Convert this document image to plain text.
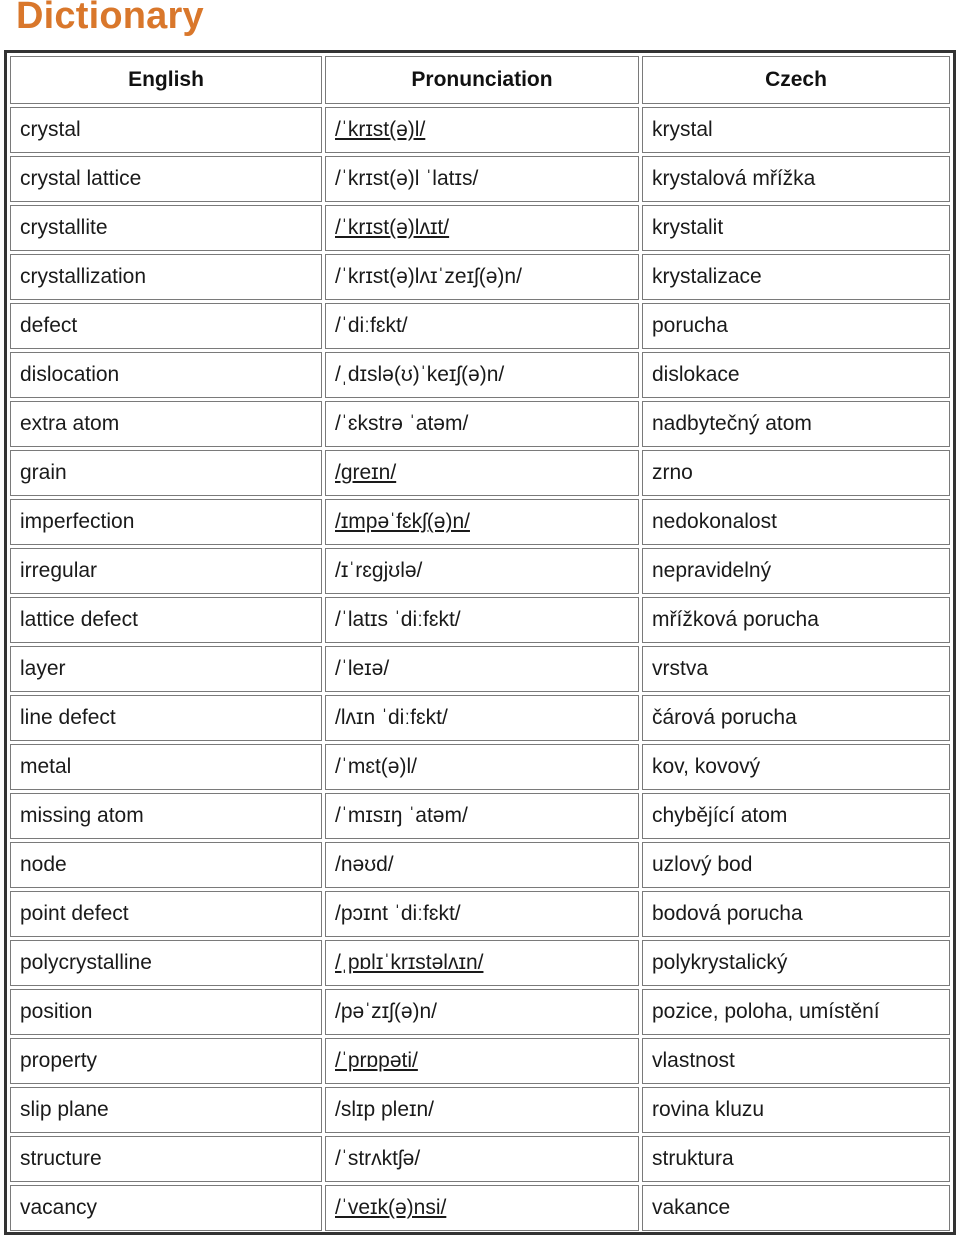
Dictionary
English	Pronunciation	Czech
crystal	/ˈkrɪst(ə)l/	krystal
crystal lattice	/ˈkrɪst(ə)l ˈlatɪs/	krystalová mřížka
crystallite	/ˈkrɪst(ə)lʌɪt/	krystalit
crystallization	/ˈkrɪst(ə)lʌɪˈzeɪʃ(ə)n/	krystalizace
defect	/ˈdiːfɛkt/	porucha
dislocation	/ˌdɪslə(ʊ)ˈkeɪʃ(ə)n/	dislokace
extra atom	/ˈɛkstrə ˈatəm/	nadbytečný atom
grain	/greɪn/	zrno
imperfection	/ɪmpəˈfɛkʃ(ə)n/	nedokonalost
irregular	/ɪˈrɛgjʊlə/	nepravidelný
lattice defect	/ˈlatɪs ˈdiːfɛkt/	mřížková porucha
layer	/ˈleɪə/	vrstva
line defect	/lʌɪn ˈdiːfɛkt/	čárová porucha
metal	/ˈmɛt(ə)l/	kov, kovový
missing atom	/ˈmɪsɪŋ ˈatəm/	chybějící atom
node	/nəʊd/	uzlový bod
point defect	/pɔɪnt ˈdiːfɛkt/	bodová porucha
polycrystalline	/ˌpɒlɪˈkrɪstəlʌɪn/	polykrystalický
position	/pəˈzɪʃ(ə)n/	pozice, poloha, umístění
property	/ˈprɒpəti/	vlastnost
slip plane	/slɪp pleɪn/	rovina kluzu
structure	/ˈstrʌktʃə/	struktura
vacancy	/ˈveɪk(ə)nsi/	vakance
